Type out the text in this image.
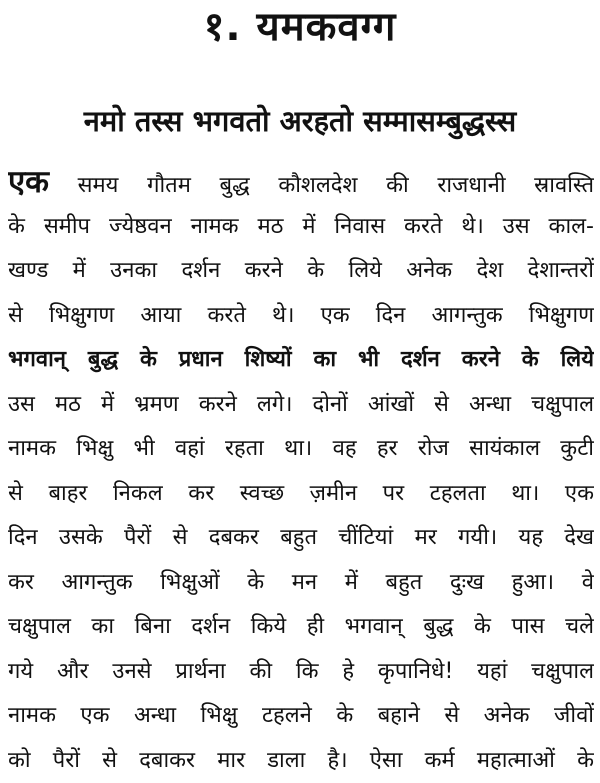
१. यमकवग्ग
नमो तस्स भगवतो अरहतो सम्मासम्बुद्धस्स
एक समय गौतम बुद्ध कौशलदेश की राजधानी स्रावस्ति
के समीप ज्येष्ठवन नामक मठ में निवास करते थे। उस काल-
खण्ड में उनका दर्शन करने के लिये अनेक देश देशान्तरों
से भिक्षुगण आया करते थे। एक दिन आगन्तुक भिक्षुगण
भगवान् बुद्ध के प्रधान शिष्यों का भी दर्शन करने के लिये
उस मठ में भ्रमण करने लगे। दोनों आंखों से अन्धा चक्षुपाल
नामक भिक्षु भी वहां रहता था। वह हर रोज सायंकाल कुटी
से बाहर निकल कर स्वच्छ ज़मीन पर टहलता था। एक
दिन उसके पैरों से दबकर बहुत चींटियां मर गयी। यह देख
कर आगन्तुक भिक्षुओं के मन में बहुत दुःख हुआ। वे
चक्षुपाल का बिना दर्शन किये ही भगवान् बुद्ध के पास चले
गये और उनसे प्रार्थना की कि हे कृपानिधे! यहां चक्षुपाल
नामक एक अन्धा भिक्षु टहलने के बहाने से अनेक जीवों
को पैरों से दबाकर मार डाला है। ऐसा कर्म महात्माओं के
